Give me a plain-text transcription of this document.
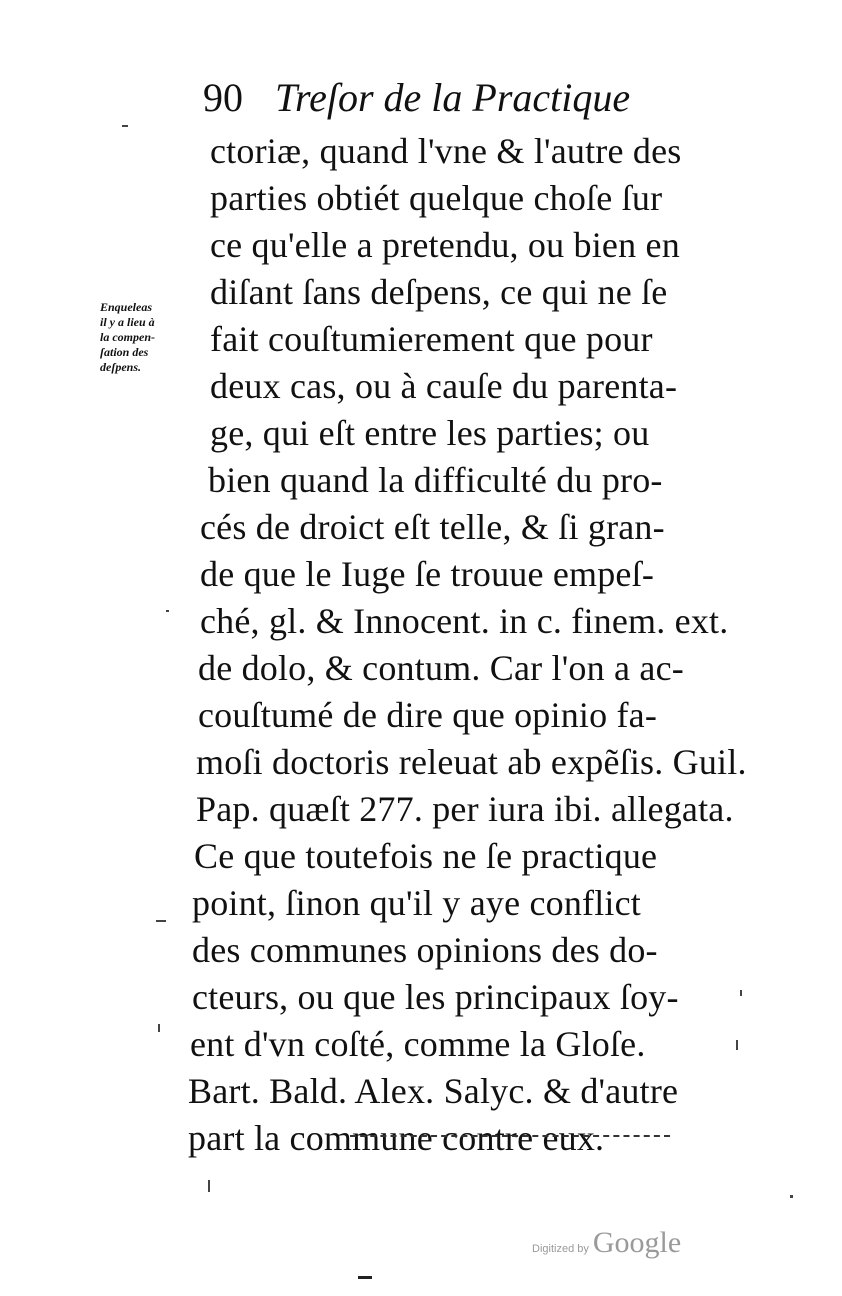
90 Treſor de la Practique
Enqueleas
il y a lieu à
la compen-
ſation des
deſpens.
ctoriæ, quand l'vne & l'autre des
parties obtiét quelque choſe ſur
ce qu'elle a pretendu, ou bien en
diſant ſans deſpens, ce qui ne ſe
fait couſtumierement que pour
deux cas, ou à cauſe du parenta-
ge, qui eſt entre les parties; ou
bien quand la difficulté du pro-
cés de droict eſt telle, & ſi gran-
de que le Iuge ſe trouue empeſ-
ché, gl. & Innocent. in c. finem. ext.
de dolo, & contum. Car l'on a ac-
couſtumé de dire que opinio fa-
moſi doctoris releuat ab expẽſis. Guil.
Pap. quæſt 277. per iura ibi. allegata.
Ce que toutefois ne ſe practique
point, ſinon qu'il y aye conflict
des communes opinions des do-
cteurs, ou que les principaux ſoy-
ent d'vn coſté, comme la Gloſe.
Bart. Bald. Alex. Salyc. & d'autre
part la commune contre eux.
Digitized by Google
